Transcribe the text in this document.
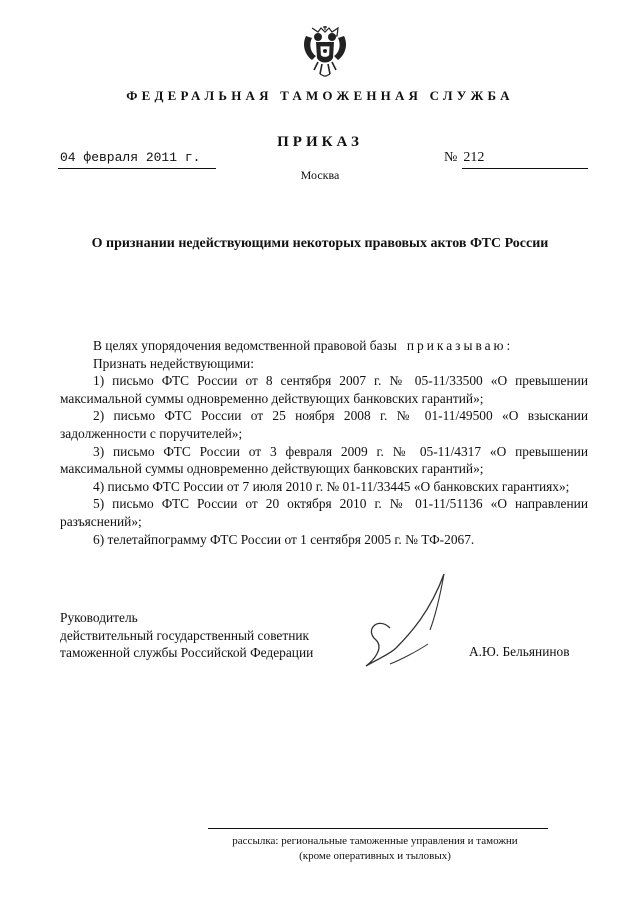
ФЕДЕРАЛЬНАЯ ТАМОЖЕННАЯ СЛУЖБА
ПРИКАЗ
04 февраля 2011 г.	№ 212
Москва
О признании недействующими некоторых правовых актов ФТС России

В целях упорядочения ведомственной правовой базы приказываю:

Признать недействующими:

1) письмо ФТС России от 8 сентября 2007 г. № 05-11/33500 «О превышении максимальной суммы одновременно действующих банковских гарантий»;

2) письмо ФТС России от 25 ноября 2008 г. № 01-11/49500 «О взыскании задолженности с поручителей»;

3) письмо ФТС России от 3 февраля 2009 г. № 05-11/4317 «О превышении максимальной суммы одновременно действующих банковских гарантий»;

4) письмо ФТС России от 7 июля 2010 г. № 01-11/33445 «О банковских гарантиях»;

5) письмо ФТС России от 20 октября 2010 г. № 01-11/51136 «О направлении разъяснений»;

6) телетайпограмму ФТС России от 1 сентября 2005 г. № ТФ-2067.

Руководитель
действительный государственный советник
таможенной службы Российской Федерации	А.Ю. Бельянинов
рассылка: региональные таможенные управления и таможни
(кроме оперативных и тыловых)
